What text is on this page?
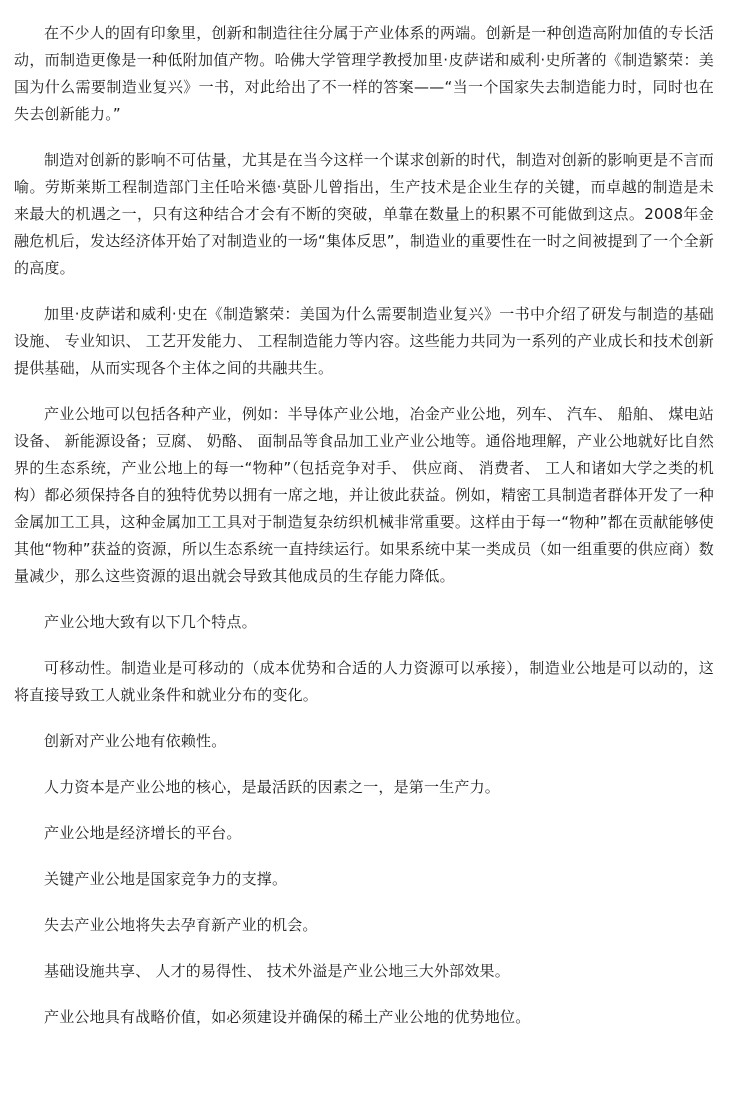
在不少人的固有印象里，创新和制造往往分属于产业体系的两端。创新是一种创造高附加值的专长活动，而制造更像是一种低附加值产物。哈佛大学管理学教授加里·皮萨诺和威利·史所著的《制造繁荣：美国为什么需要制造业复兴》一书，对此给出了不一样的答案——“当一个国家失去制造能力时，同时也在失去创新能力。”

制造对创新的影响不可估量，尤其是在当今这样一个谋求创新的时代，制造对创新的影响更是不言而喻。劳斯莱斯工程制造部门主任哈米德·莫卧儿曾指出，生产技术是企业生存的关键，而卓越的制造是未来最大的机遇之一，只有这种结合才会有不断的突破，单靠在数量上的积累不可能做到这点。2008年金融危机后，发达经济体开始了对制造业的一场“集体反思”，制造业的重要性在一时之间被提到了一个全新的高度。

加里·皮萨诺和威利·史在《制造繁荣：美国为什么需要制造业复兴》一书中介绍了研发与制造的基础设施、 专业知识、 工艺开发能力、 工程制造能力等内容。这些能力共同为一系列的产业成长和技术创新提供基础，从而实现各个主体之间的共融共生。

产业公地可以包括各种产业，例如：半导体产业公地，冶金产业公地，列车、 汽车、 船舶、 煤电站设备、 新能源设备；豆腐、 奶酪、 面制品等食品加工业产业公地等。通俗地理解，产业公地就好比自然界的生态系统，产业公地上的每一“物种”（包括竞争对手、 供应商、 消费者、 工人和诸如大学之类的机构）都必须保持各自的独特优势以拥有一席之地，并让彼此获益。例如，精密工具制造者群体开发了一种金属加工工具，这种金属加工工具对于制造复杂纺织机械非常重要。这样由于每一“物种”都在贡献能够使其他“物种”获益的资源，所以生态系统一直持续运行。如果系统中某一类成员（如一组重要的供应商）数量减少，那么这些资源的退出就会导致其他成员的生存能力降低。

产业公地大致有以下几个特点。

可移动性。制造业是可移动的（成本优势和合适的人力资源可以承接），制造业公地是可以动的，这将直接导致工人就业条件和就业分布的变化。

创新对产业公地有依赖性。

人力资本是产业公地的核心，是最活跃的因素之一，是第一生产力。

产业公地是经济增长的平台。

关键产业公地是国家竞争力的支撑。

失去产业公地将失去孕育新产业的机会。

基础设施共享、 人才的易得性、 技术外溢是产业公地三大外部效果。

产业公地具有战略价值，如必须建设并确保的稀土产业公地的优势地位。
